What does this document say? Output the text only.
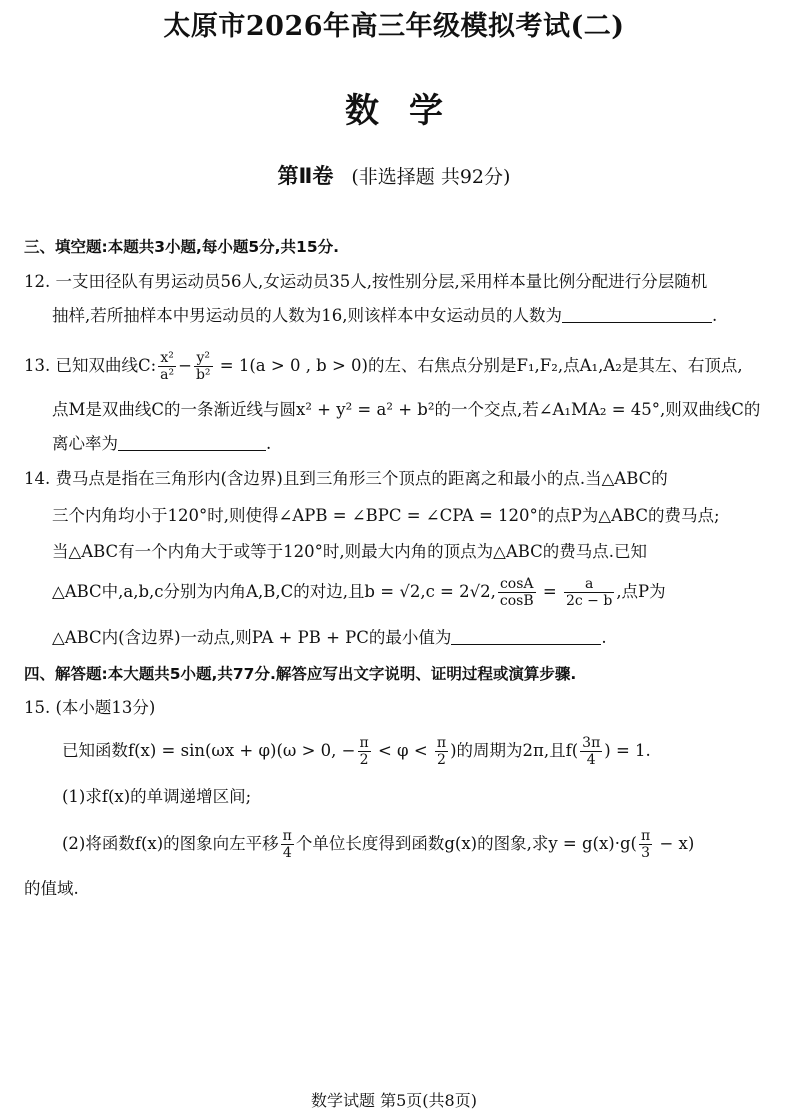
太原市2026年高三年级模拟考试(二)
数学
第Ⅱ卷 (非选择题 共92分)
三、填空题:本题共3小题,每小题5分,共15分.
12. 一支田径队有男运动员56人,女运动员35人,按性别分层,采用样本量比例分配进行分层随机
抽样,若所抽样本中男运动员的人数为16,则该样本中女运动员的人数为	.
13. 已知双曲线C: $\frac{\text{x²}}{\text{a²}} - \frac{\text{y²}}{\text{b²}} = 1(a > 0$ , b > 0)的左、右焦点分别是F₁,F₂,点A₁,A₂是其左、右顶点,
点M是双曲线C的一条渐近线与圆x² + y² = a² + b²的一个交点,若∠A₁MA₂ = 45°,则双曲线C的
离心率为	.
14. 费马点是指在三角形内(含边界)且到三角形三个顶点的距离之和最小的点.当△ABC的
三个内角均小于120°时,则使得∠APB = ∠BPC = ∠CPA = 120°的点P为△ABC的费马点;
当△ABC有一个内角大于或等于120°时,则最大内角的顶点为△ABC的费马点.已知
△ABC中,a,b,c分别为内角A,B,C的对边,且b = √2,c = 2√2, $\frac{\cos A}{\cos B} = \frac{a}{2c - b}$ ,点P为
△ABC内(含边界)一动点,则PA + PB + PC的最小值为	.
四、解答题:本大题共5小题,共77分.解答应写出文字说明、证明过程或演算步骤.
15. (本小题13分)
已知函数f(x) = sin(ωx + φ)(ω > 0, − $\frac{\pi}{2} < \varphi < \frac{\pi}{2}$ )的周期为2π,且$f( \frac{3\pi}{4}$ ) = 1.
(1)求f(x)的单调递增区间;
(2)将函数f(x)的图象向左平移 $\frac{\pi}{4}$ 个单位长度得到函数g(x)的图象,求$y = g(x)\cdot g( \frac{\pi}{3} - x)$
的值域.
数学试题 第5页(共8页)
